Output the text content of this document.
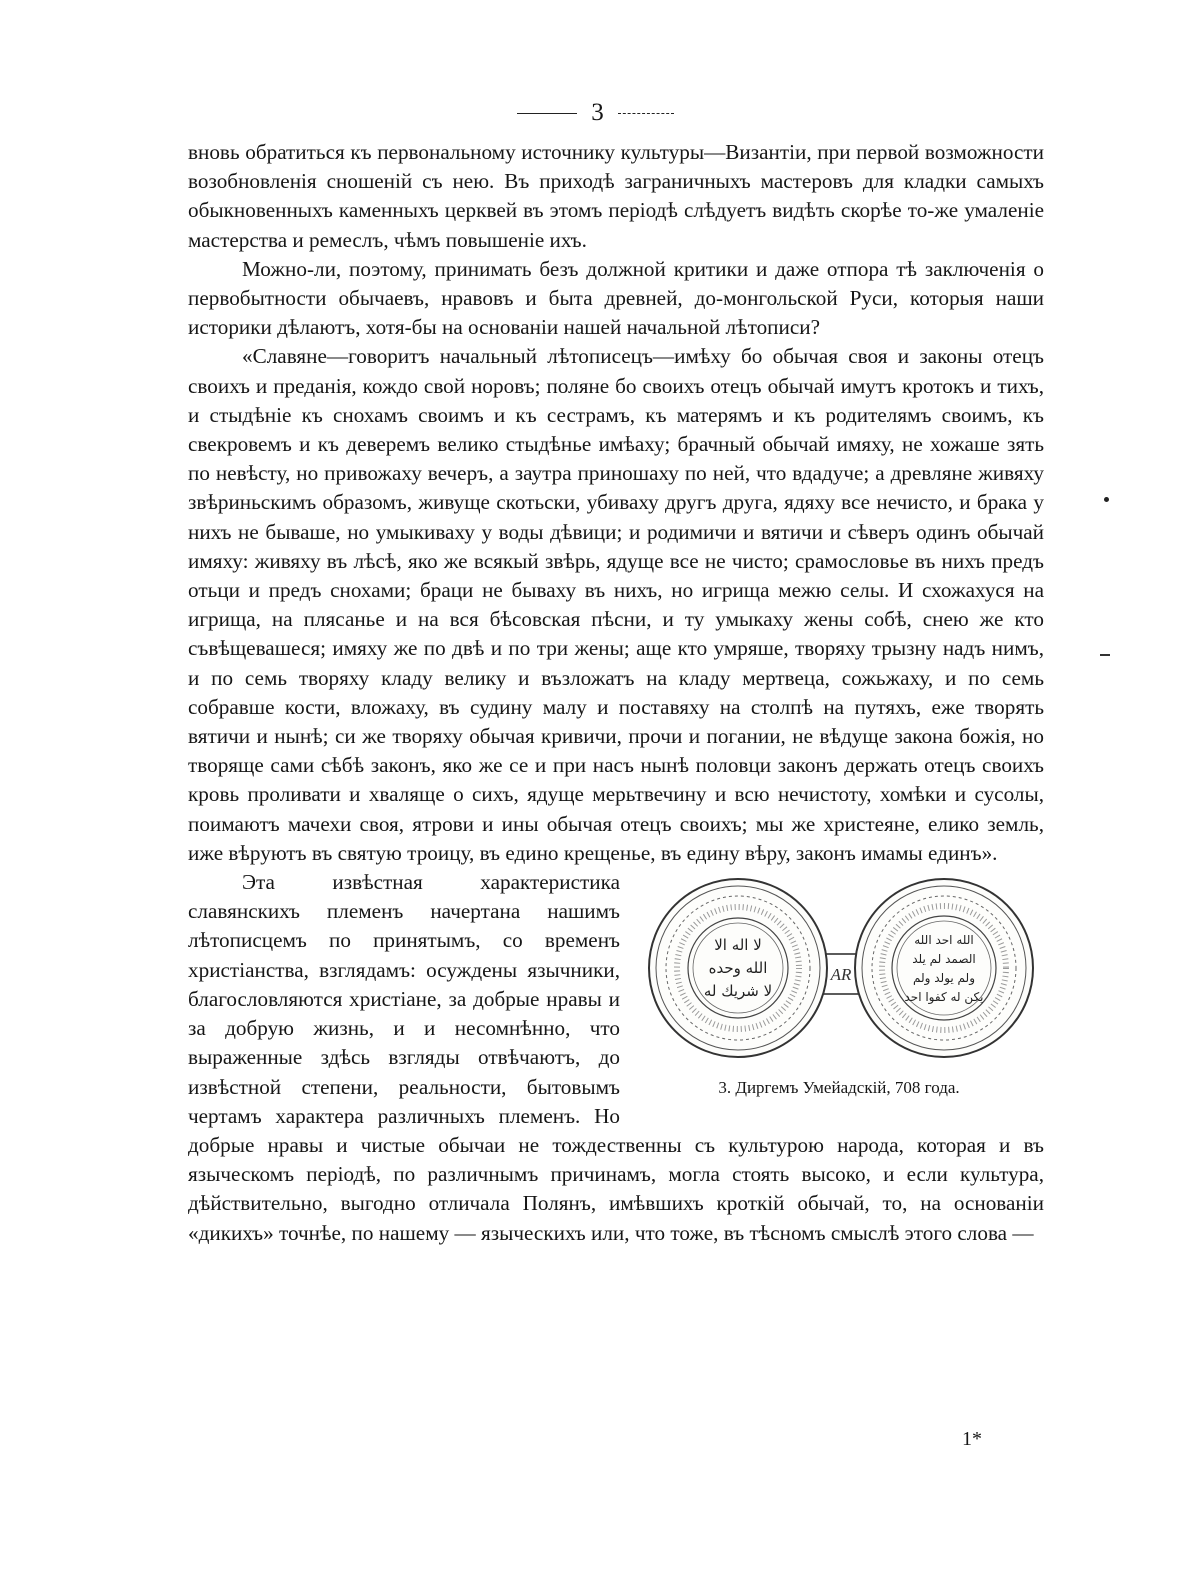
3

вновь обратиться къ первональному источнику культуры—Византіи, при первой возможности возобновленія сношеній съ нею. Въ приходѣ заграничныхъ мастеровъ для кладки самыхъ обыкновенныхъ каменныхъ церквей въ этомъ періодѣ слѣдуетъ видѣть скорѣе то-же умаленіе мастерства и ремеслъ, чѣмъ повышеніе ихъ.

Можно-ли, поэтому, принимать безъ должной критики и даже отпора тѣ заключенія о первобытности обычаевъ, нравовъ и быта древней, до-монгольской Руси, которыя наши историки дѣлаютъ, хотя-бы на основаніи нашей начальной лѣтописи?

«Славяне—говоритъ начальный лѣтописецъ—имѣху бо обычая своя и законы отецъ своихъ и преданія, кождо свой норовъ; поляне бо своихъ отецъ обычай имутъ кротокъ и тихъ, и стыдѣніе къ снохамъ своимъ и къ сестрамъ, къ матерямъ и къ родителямъ своимъ, къ свекровемъ и къ деверемъ велико стыдѣнье имѣаху; брачный обычай имяху, не хожаше зять по невѣсту, но привожаху вечеръ, а заутра приношаху по ней, что вдадуче; а древляне живяху звѣриньскимъ образомъ, живуще скотьски, убиваху другъ друга, ядяху все нечисто, и брака у нихъ не бываше, но умыкиваху у воды дѣвици; и родимичи и вятичи и сѣверъ одинъ обычай имяху: живяху въ лѣсѣ, яко же всякый звѣрь, ядуще все не чисто; срамословье въ нихъ предъ отьци и предъ снохами; браци не бываху въ нихъ, но игрища межю селы. И схожахуся на игрища, на плясанье и на вся бѣсовская пѣсни, и ту умыкаху жены собѣ, снею же кто съвѣщевашеся; имяху же по двѣ и по три жены; аще кто умряше, творяху трызну надъ нимъ, и по семь творяху кладу велику и възложатъ на кладу мертвеца, сожьжаху, и по семь собравше кости, вложаху, въ судину малу и поставяху на столпѣ на путяхъ, еже творять вятичи и нынѣ; си же творяху обычая кривичи, прочи и погании, не вѣдуще закона божія, но творяще сами сѣбѣ законъ, яко же се и при насъ нынѣ половци законъ держать отецъ своихъ кровь проливати и хваляще о сихъ, ядуще мерьтвечину и всю нечистоту, хомѣки и сусолы, поимаютъ мачехи своя, ятрови и ины обычая отецъ своихъ; мы же христеяне, елико земль, иже вѣруютъ въ святую троицу, въ едино крещенье, въ едину вѣру, законъ имамы единъ».

AR
لا اله الا
الله وحده
لا شريك له
الله احد الله
الصمد لم يلد
ولم يولد ولم
يكن له كفوا احد
3. Диргемъ Умейадскій, 708 года.

Эта извѣстная характеристика славянскихъ племенъ начертана нашимъ лѣтописцемъ по принятымъ, со временъ христіанства, взглядамъ: осуждены язычники, благословляются христіане, за добрые нравы и за добрую жизнь, и и несомнѣнно, что выраженные здѣсь взгляды отвѣчаютъ, до извѣстной степени, реальности, бытовымъ чертамъ характера различныхъ племенъ. Но добрые нравы и чистые обычаи не тождественны съ культурою народа, которая и въ языческомъ періодѣ, по различнымъ причинамъ, могла стоять высоко, и если культура, дѣйствительно, выгодно отличала Полянъ, имѣвшихъ кроткій обычай, то, на основаніи «дикихъ» точнѣе, по нашему — языческихъ или, что тоже, въ тѣсномъ смыслѣ этого слова —

1*
